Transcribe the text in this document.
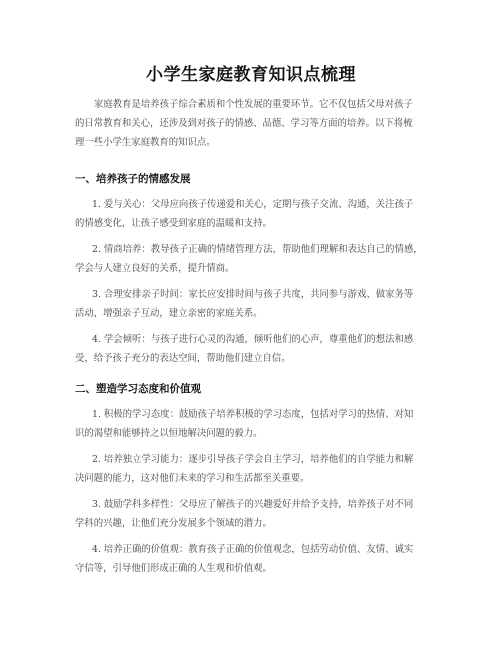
小学生家庭教育知识点梳理
家庭教育是培养孩子综合素质和个性发展的重要环节。它不仅包括父母对孩子
的日常教育和关心，还涉及到对孩子的情感、品德、学习等方面的培养。以下将梳
理一些小学生家庭教育的知识点。
一、培养孩子的情感发展
1. 爱与关心：父母应向孩子传递爱和关心，定期与孩子交流、沟通，关注孩子
的情感变化，让孩子感受到家庭的温暖和支持。
2. 情商培养：教导孩子正确的情绪管理方法，帮助他们理解和表达自己的情感，
学会与人建立良好的关系，提升情商。
3. 合理安排亲子时间：家长应安排时间与孩子共度，共同参与游戏、做家务等
活动，增强亲子互动，建立亲密的家庭关系。
4. 学会倾听：与孩子进行心灵的沟通，倾听他们的心声，尊重他们的想法和感
受，给予孩子充分的表达空间，帮助他们建立自信。
二、塑造学习态度和价值观
1. 积极的学习态度：鼓励孩子培养积极的学习态度，包括对学习的热情、对知
识的渴望和能够持之以恒地解决问题的毅力。
2. 培养独立学习能力：逐步引导孩子学会自主学习，培养他们的自学能力和解
决问题的能力，这对他们未来的学习和生活都至关重要。
3. 鼓励学科多样性：父母应了解孩子的兴趣爱好并给予支持，培养孩子对不同
学科的兴趣，让他们充分发展多个领域的潜力。
4. 培养正确的价值观：教育孩子正确的价值观念，包括劳动价值、友情、诚实
守信等，引导他们形成正确的人生观和价值观。
